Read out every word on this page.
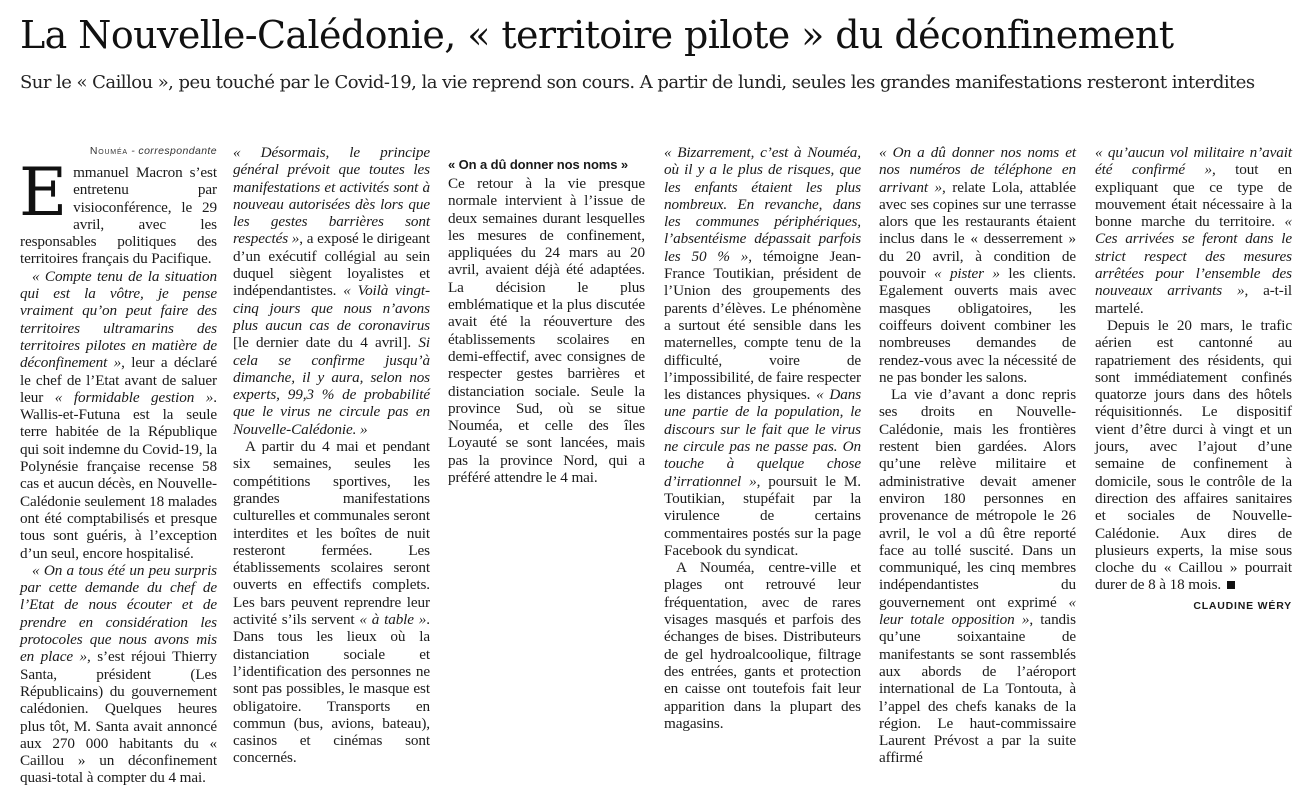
La Nouvelle-Calédonie, « territoire pilote » du déconfinement

Sur le « Caillou », peu touché par le Covid-19, la vie reprend son cours. A partir de lundi, seules les grandes manifestations resteront interdites

Nouméa - correspondante

Emmanuel Macron s’est entretenu par visioconférence, le 29 avril, avec les responsables politiques des territoires français du Pacifique.

« Compte tenu de la situation qui est la vôtre, je pense vraiment qu’on peut faire des territoires ultramarins des territoires pilotes en matière de déconfinement », leur a déclaré le chef de l’Etat avant de saluer leur « formidable gestion ». Wallis-et-Futuna est la seule terre habitée de la République qui soit indemne du Covid-19, la Polynésie française recense 58 cas et aucun décès, en Nouvelle-Calédonie seulement 18 malades ont été comptabilisés et presque tous sont guéris, à l’exception d’un seul, encore hospitalisé.

« On a tous été un peu surpris par cette demande du chef de l’Etat de nous écouter et de prendre en considération les protocoles que nous avons mis en place », s’est réjoui Thierry Santa, président (Les Républicains) du gouvernement calédonien. Quelques heures plus tôt, M. Santa avait annoncé aux 270 000 habitants du « Caillou » un déconfinement quasi-total à compter du 4 mai.

« Désormais, le principe général prévoit que toutes les manifestations et activités sont à nouveau autorisées dès lors que les gestes barrières sont respectés », a exposé le dirigeant d’un exécutif collégial au sein duquel siègent loyalistes et indépendantistes. « Voilà vingt-cinq jours que nous n’avons plus aucun cas de coronavirus [le dernier date du 4 avril]. Si cela se confirme jusqu’à dimanche, il y aura, selon nos experts, 99,3 % de probabilité que le virus ne circule pas en Nouvelle-Calédonie. »

A partir du 4 mai et pendant six semaines, seules les compétitions sportives, les grandes manifestations culturelles et communales seront interdites et les boîtes de nuit resteront fermées. Les établissements scolaires seront ouverts en effectifs complets. Les bars peuvent reprendre leur activité s’ils servent « à table ». Dans tous les lieux où la distanciation sociale et l’identification des personnes ne sont pas possibles, le masque est obligatoire. Transports en commun (bus, avions, bateau), casinos et cinémas sont concernés.

« On a dû donner nos noms »

Ce retour à la vie presque normale intervient à l’issue de deux semaines durant lesquelles les mesures de confinement, appliquées du 24 mars au 20 avril, avaient déjà été adaptées. La décision le plus emblématique et la plus discutée avait été la réouverture des établissements scolaires en demi-effectif, avec consignes de respecter gestes barrières et distanciation sociale. Seule la province Sud, où se situe Nouméa, et celle des îles Loyauté se sont lancées, mais pas la province Nord, qui a préféré attendre le 4 mai.

« Bizarrement, c’est à Nouméa, où il y a le plus de risques, que les enfants étaient les plus nombreux. En revanche, dans les communes périphériques, l’absentéisme dépassait parfois les 50 % », témoigne Jean-France Toutikian, président de l’Union des groupements des parents d’élèves. Le phénomène a surtout été sensible dans les maternelles, compte tenu de la difficulté, voire de l’impossibilité, de faire respecter les distances physiques. « Dans une partie de la population, le discours sur le fait que le virus ne circule pas ne passe pas. On touche à quelque chose d’irrationnel », poursuit le M. Toutikian, stupéfait par la virulence de certains commentaires postés sur la page Facebook du syndicat.

A Nouméa, centre-ville et plages ont retrouvé leur fréquentation, avec de rares visages masqués et parfois des échanges de bises. Distributeurs de gel hydroalcoolique, filtrage des entrées, gants et protection en caisse ont toutefois fait leur apparition dans la plupart des magasins.

« On a dû donner nos noms et nos numéros de téléphone en arrivant », relate Lola, attablée avec ses copines sur une terrasse alors que les restaurants étaient inclus dans le « desserrement » du 20 avril, à condition de pouvoir « pister » les clients. Egalement ouverts mais avec masques obligatoires, les coiffeurs doivent combiner les nombreuses demandes de rendez-vous avec la nécessité de ne pas bonder les salons.

La vie d’avant a donc repris ses droits en Nouvelle-Calédonie, mais les frontières restent bien gardées. Alors qu’une relève militaire et administrative devait amener environ 180 personnes en provenance de métropole le 26 avril, le vol a dû être reporté face au tollé suscité. Dans un communiqué, les cinq membres indépendantistes du gouvernement ont exprimé « leur totale opposition », tandis qu’une soixantaine de manifestants se sont rassemblés aux abords de l’aéroport international de La Tontouta, à l’appel des chefs kanaks de la région. Le haut-commissaire Laurent Prévost a par la suite affirmé

« qu’aucun vol militaire n’avait été confirmé », tout en expliquant que ce type de mouvement était nécessaire à la bonne marche du territoire. « Ces arrivées se feront dans le strict respect des mesures arrêtées pour l’ensemble des nouveaux arrivants », a-t-il martelé.

Depuis le 20 mars, le trafic aérien est cantonné au rapatriement des résidents, qui sont immédiatement confinés quatorze jours dans des hôtels réquisitionnés. Le dispositif vient d’être durci à vingt et un jours, avec l’ajout d’une semaine de confinement à domicile, sous le contrôle de la direction des affaires sanitaires et sociales de Nouvelle-Calédonie. Aux dires de plusieurs experts, la mise sous cloche du « Caillou » pourrait durer de 8 à 18 mois.

CLAUDINE WÉRY
